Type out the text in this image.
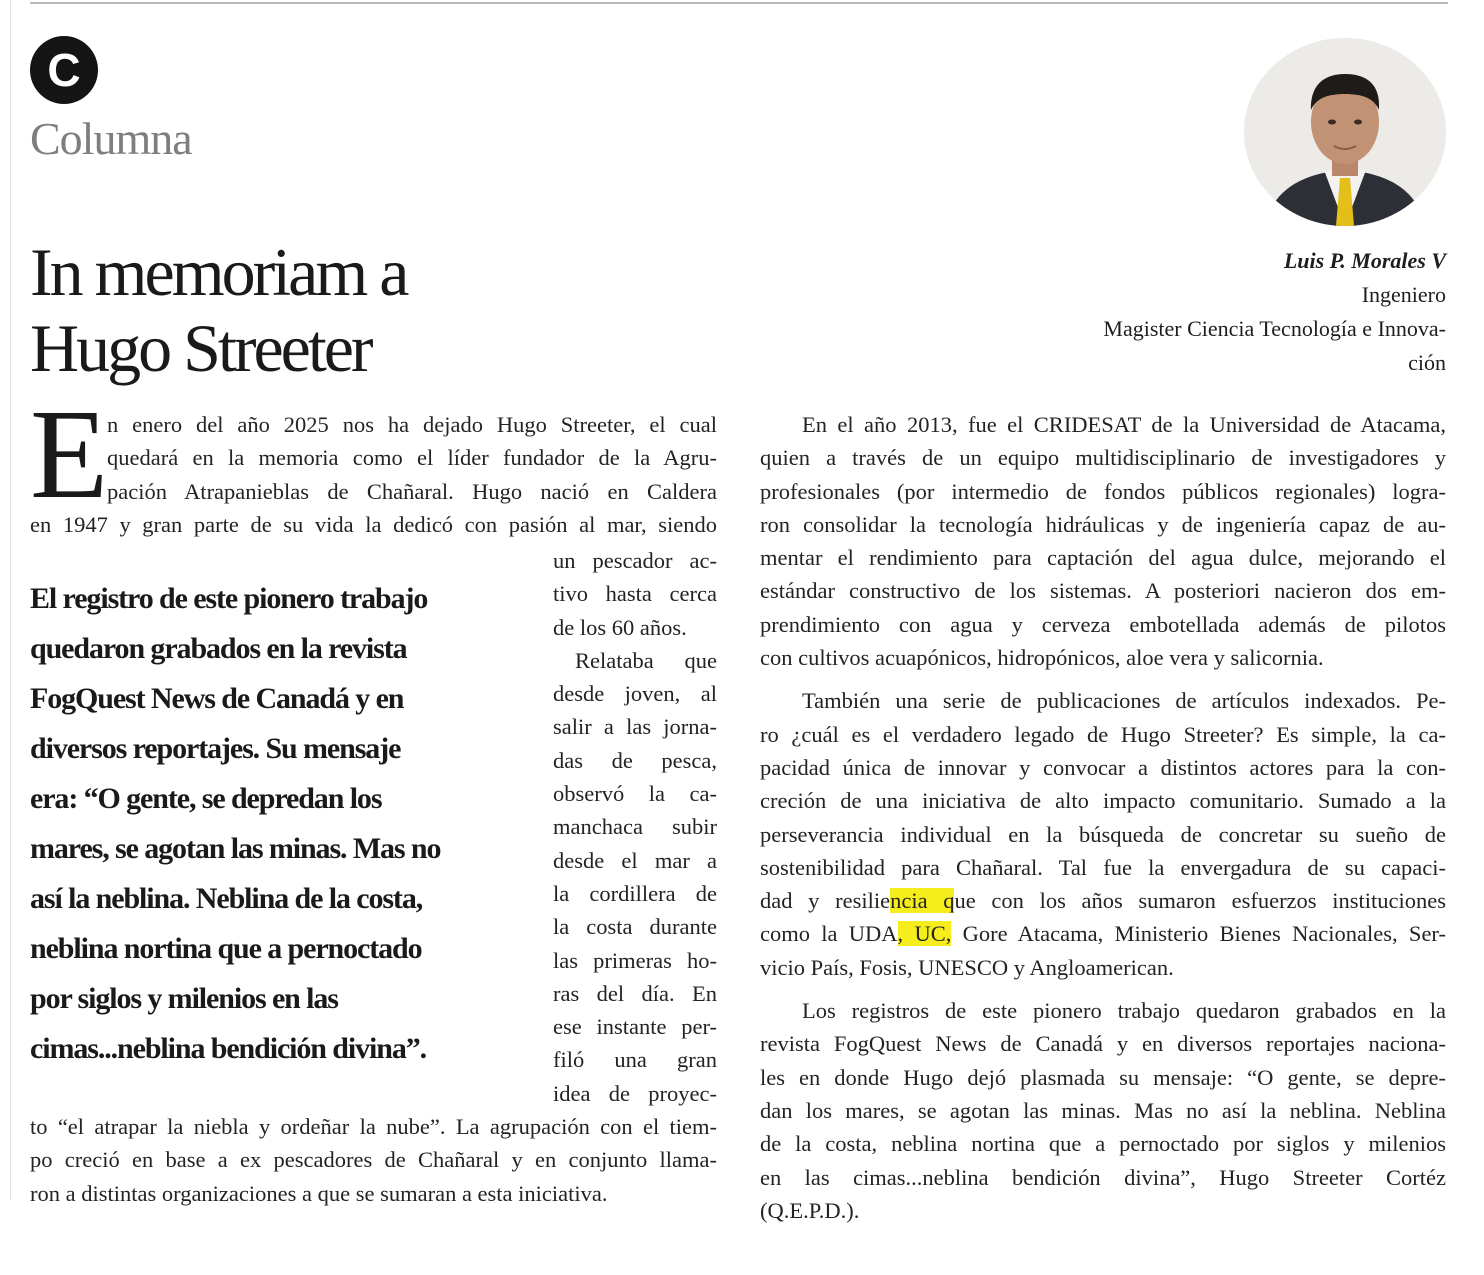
C
Columna
In memoriam a
Hugo Streeter
Luis P. Morales V
Ingeniero
Magister Ciencia Tecnología e Innova-
ción
E
n enero del año 2025 nos ha dejado Hugo Streeter, el cual
quedará en la memoria como el líder fundador de la Agru-
pación Atrapanieblas de Chañaral. Hugo nació en Caldera
en 1947 y gran parte de su vida la dedicó con pasión al mar, siendo
El registro de este pionero trabajo
quedaron grabados en la revista
FogQuest News de Canadá y en
diversos reportajes. Su mensaje
era: “O gente, se depredan los
mares, se agotan las minas. Mas no
así la neblina. Neblina de la costa,
neblina nortina que a pernoctado
por siglos y milenios en las
cimas...neblina bendición divina”.
un pescador ac-
tivo hasta cerca
de los 60 años.
Relataba que
desde joven, al
salir a las jorna-
das de pesca,
observó la ca-
manchaca subir
desde el mar a
la cordillera de
la costa durante
las primeras ho-
ras del día. En
ese instante per-
filó una gran
idea de proyec-
to “el atrapar la niebla y ordeñar la nube”. La agrupación con el tiem-
po creció en base a ex pescadores de Chañaral y en conjunto llama-
ron a distintas organizaciones a que se sumaran a esta iniciativa.
En el año 2013, fue el CRIDESAT de la Universidad de Atacama,
quien a través de un equipo multidisciplinario de investigadores y
profesionales (por intermedio de fondos públicos regionales) logra-
ron consolidar la tecnología hidráulicas y de ingeniería capaz de au-
mentar el rendimiento para captación del agua dulce, mejorando el
estándar constructivo de los sistemas. A posteriori nacieron dos em-
prendimiento con agua y cerveza embotellada además de pilotos
con cultivos acuapónicos, hidropónicos, aloe vera y salicornia.
También una serie de publicaciones de artículos indexados. Pe-
ro ¿cuál es el verdadero legado de Hugo Streeter? Es simple, la ca-
pacidad única de innovar y convocar a distintos actores para la con-
creción de una iniciativa de alto impacto comunitario. Sumado a la
perseverancia individual en la búsqueda de concretar su sueño de
sostenibilidad para Chañaral. Tal fue la envergadura de su capaci-
dad y resiliencia que con los años sumaron esfuerzos instituciones
como la UDA, UC, Gore Atacama, Ministerio Bienes Nacionales, Ser-
vicio País, Fosis, UNESCO y Angloamerican.
Los registros de este pionero trabajo quedaron grabados en la
revista FogQuest News de Canadá y en diversos reportajes naciona-
les en donde Hugo dejó plasmada su mensaje: “O gente, se depre-
dan los mares, se agotan las minas. Mas no así la neblina. Neblina
de la costa, neblina nortina que a pernoctado por siglos y milenios
en las cimas...neblina bendición divina”, Hugo Streeter Cortéz
(Q.E.P.D.).
